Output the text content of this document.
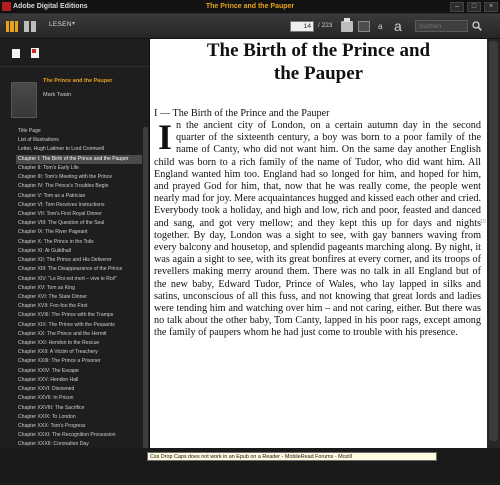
Adobe Digital Editions	The Prince and the Pauper	–	□	×
LESEN ▾	14	/ 223	a a
Suchen
The Prince and the Pauper
Mark Twain
Title Page
List of Illustrations
Letter, Hugh Latimer to Lord Cromwell
Chapter I: The Birth of the Prince and the Pauper
Chapter II: Tom's Early Life
Chapter III: Tom's Meeting with the Prince
Chapter IV: The Prince's Troubles Begin
Chapter V: Tom as a Patrician
Chapter VI: Tom Receives Instructions
Chapter VII: Tom's First Royal Dinner
Chapter VIII: The Question of the Seal
Chapter IX: The River Pageant
Chapter X: The Prince in the Toils
Chapter XI: At Guildhall
Chapter XII: The Prince and His Deliverer
Chapter XIII: The Disappearance of the Prince
Chapter XIV: "Le Roi est mort – vive le Roi!"
Chapter XV: Tom as King
Chapter XVI: The State Dinner
Chapter XVII: Foo-foo the First
Chapter XVIII: The Prince with the Tramps
Chapter XIX: The Prince with the Peasants
Chapter XX: The Prince and the Hermit
Chapter XXI: Hendon to the Rescue
Chapter XXII: A Victim of Treachery
Chapter XXIII: The Prince a Prisoner
Chapter XXIV: The Escape
Chapter XXV: Hendon Hall
Chapter XXVI: Disowned
Chapter XXVII: In Prison
Chapter XXVIII: The Sacrifice
Chapter XXIX: To London
Chapter XXX: Tom's Progress
Chapter XXXI: The Recognition Procession
Chapter XXXII: Coronation Day
The Birth of the Prince and
the Pauper
I — The Birth of the Prince and the Pauper
In the ancient city of London, on a certain autumn day in the second quarter of the sixteenth century, a boy was born to a poor family of the name of Canty, who did not want him. On the same day another English child was born to a rich family of the name of Tudor, who did want him. All England wanted him too. England had so longed for him, and hoped for him, and prayed God for him, that, now that he was really come, the people went nearly mad for joy. Mere acquaintances hugged and kissed each other and cried. Everybody took a holiday, and high and low, rich and poor, feasted and danced and sang, and got very mellow; and they kept this up for days and nights together. By day, London was a sight to see, with gay banners waving from every balcony and housetop, and splendid pageants marching along. By night, it was again a sight to see, with its great bonfires at every corner, and its troops of revellers making merry around them. There was no talk in all England but of the new baby, Edward Tudor, Prince of Wales, who lay lapped in silks and satins, unconscious of all this fuss, and not knowing that great lords and ladies were tending him and watching over him – and not caring, either. But there was no talk about the other baby, Tom Canty, lapped in his poor rags, except among the family of paupers whom he had just come to trouble with his presence.
15
Css Drop Caps does not work in an Epub on a Reader - MobileRead Forums - Mozill
